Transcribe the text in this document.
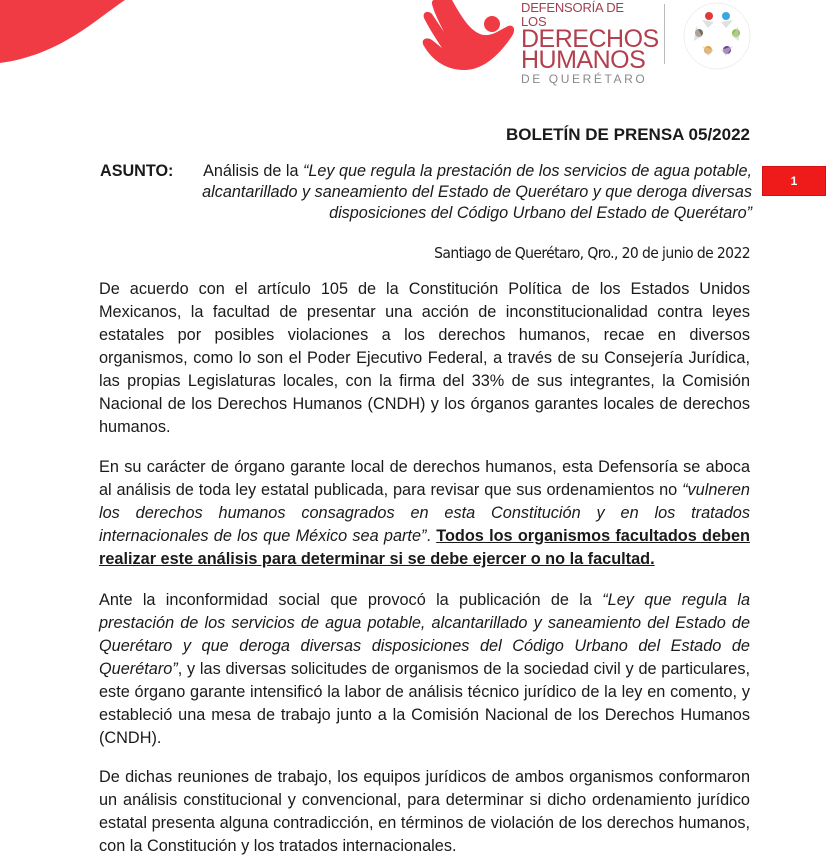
DEFENSORÍA DE LOS
DERECHOS
HUMANOS
DE QUERÉTARO
BOLETÍN DE PRENSA 05/2022
ASUNTO:	Análisis de la “Ley que regula la prestación de los servicios de agua potable, alcantarillado y saneamiento del Estado de Querétaro y que deroga diversas disposiciones del Código Urbano del Estado de Querétaro”
1
Santiago de Querétaro, Qro., 20 de junio de 2022
De acuerdo con el artículo 105 de la Constitución Política de los Estados Unidos Mexicanos, la facultad de presentar una acción de inconstitucionalidad contra leyes estatales por posibles violaciones a los derechos humanos, recae en diversos organismos, como lo son el Poder Ejecutivo Federal, a través de su Consejería Jurídica, las propias Legislaturas locales, con la firma del 33% de sus integrantes, la Comisión Nacional de los Derechos Humanos (CNDH) y los órganos garantes locales de derechos humanos.
En su carácter de órgano garante local de derechos humanos, esta Defensoría se aboca al análisis de toda ley estatal publicada, para revisar que sus ordenamientos no “vulneren los derechos humanos consagrados en esta Constitución y en los tratados internacionales de los que México sea parte”. Todos los organismos facultados deben realizar este análisis para determinar si se debe ejercer o no la facultad.
Ante la inconformidad social que provocó la publicación de la “Ley que regula la prestación de los servicios de agua potable, alcantarillado y saneamiento del Estado de Querétaro y que deroga diversas disposiciones del Código Urbano del Estado de Querétaro”, y las diversas solicitudes de organismos de la sociedad civil y de particulares, este órgano garante intensificó la labor de análisis técnico jurídico de la ley en comento, y estableció una mesa de trabajo junto a la Comisión Nacional de los Derechos Humanos (CNDH).
De dichas reuniones de trabajo, los equipos jurídicos de ambos organismos conformaron un análisis constitucional y convencional, para determinar si dicho ordenamiento jurídico estatal presenta alguna contradicción, en términos de violación de los derechos humanos, con la Constitución y los tratados internacionales.
